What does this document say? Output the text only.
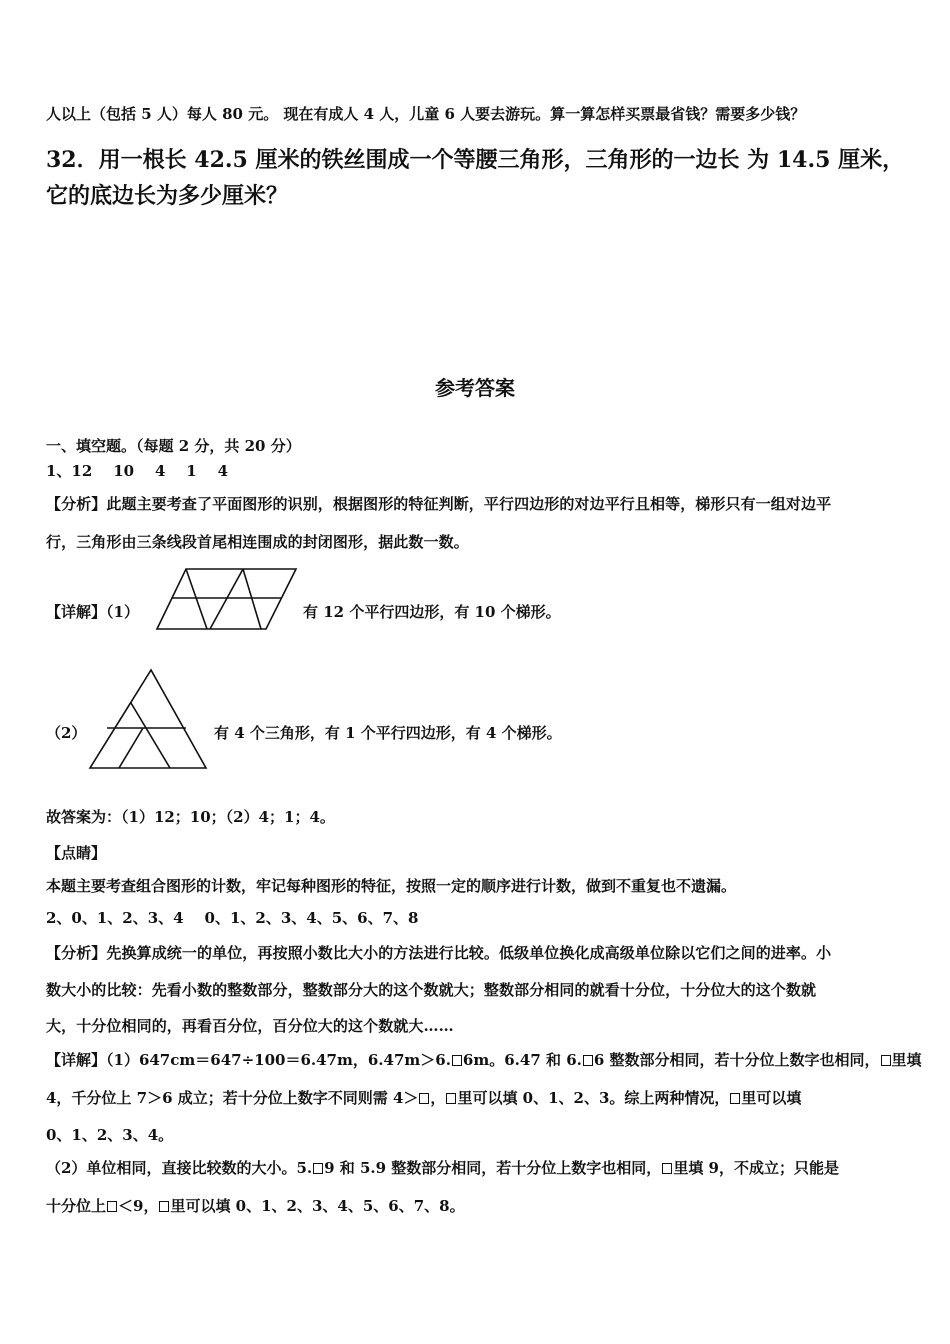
人以上（包括 5 人）每人 80 元。 现在有成人 4 人，儿童 6 人要去游玩。算一算怎样买票最省钱？需要多少钱？
32．用一根长 42.5 厘米的铁丝围成一个等腰三角形，三角形的一边长 为 14.5 厘米，
它的底边长为多少厘米？
参考答案
一、填空题。（每题 2 分，共 20 分）
1、12    10    4    1    4
【分析】此题主要考查了平面图形的识别，根据图形的特征判断，平行四边形的对边平行且相等，梯形只有一组对边平
行，三角形由三条线段首尾相连围成的封闭图形，据此数一数。
【详解】（1）	有 12 个平行四边形，有 10 个梯形。
（2）	有 4 个三角形，有 1 个平行四边形，有 4 个梯形。
故答案为：（1）12；10；（2）4；1；4。
【点睛】
本题主要考查组合图形的计数，牢记每种图形的特征，按照一定的顺序进行计数，做到不重复也不遗漏。
2、0、1、2、3、4    0、1、2、3、4、5、6、7、8
【分析】先换算成统一的单位，再按照小数比大小的方法进行比较。低级单位换化成高级单位除以它们之间的进率。小
数大小的比较：先看小数的整数部分，整数部分大的这个数就大；整数部分相同的就看十分位，十分位大的这个数就
大，十分位相同的，再看百分位，百分位大的这个数就大……
【详解】（1）647cm＝647÷100＝6.47m，6.47m＞6. 6m。6.47 和 6. 6 整数部分相同，若十分位上数字也相同， 里填
4，千分位上 7＞6 成立；若十分位上数字不同则需 4＞ ， 里可以填 0、1、2、3。综上两种情况， 里可以填
0、1、2、3、4。
（2）单位相同，直接比较数的大小。5. 9 和 5.9 整数部分相同，若十分位上数字也相同， 里填 9，不成立；只能是
十分位上 ＜9， 里可以填 0、1、2、3、4、5、6、7、8。
